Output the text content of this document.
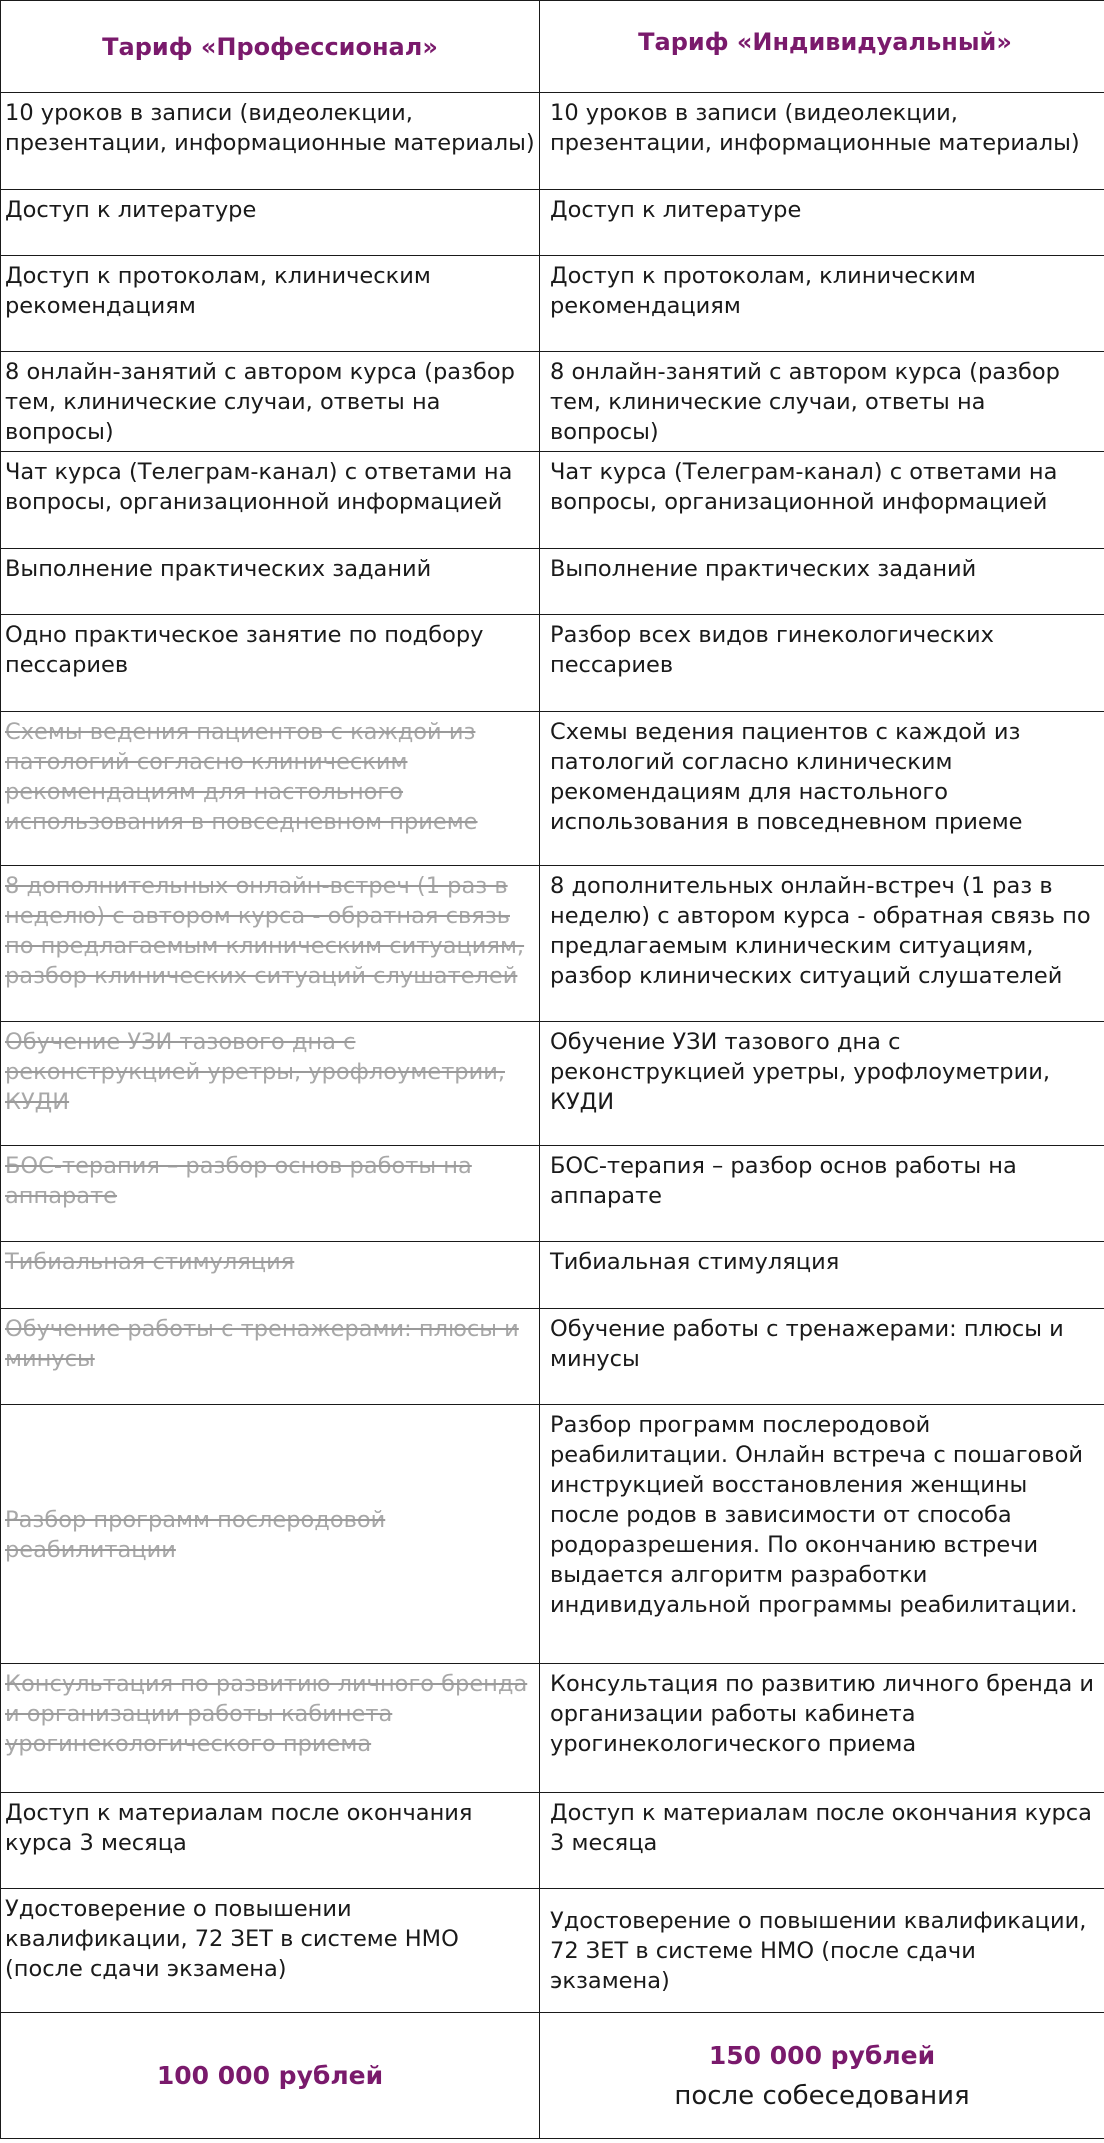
Тариф «Профессионал»	Тариф «Индивидуальный»
10 уроков в записи (видеолекции, презентации, информационные материалы)	10 уроков в записи (видеолекции, презентации, информационные материалы)
Доступ к литературе	Доступ к литературе
Доступ к протоколам, клиническим рекомендациям	Доступ к протоколам, клиническим рекомендациям
8 онлайн-занятий с автором курса (разбор тем, клинические случаи, ответы на вопросы)	8 онлайн-занятий с автором курса (разбор тем, клинические случаи, ответы на вопросы)
Чат курса (Телеграм-канал) с ответами на вопросы, организационной информацией	Чат курса (Телеграм-канал) с ответами на вопросы, организационной информацией
Выполнение практических заданий	Выполнение практических заданий
Одно практическое занятие по подбору пессариев	Разбор всех видов гинекологических пессариев
Схемы ведения пациентов с каждой из патологий согласно клиническим рекомендациям для настольного использования в повседневном приеме	Схемы ведения пациентов с каждой из патологий согласно клиническим рекомендациям для настольного использования в повседневном приеме
8 дополнительных онлайн-встреч (1 раз в неделю) с автором курса - обратная связь по предлагаемым клиническим ситуациям, разбор клинических ситуаций слушателей	8 дополнительных онлайн-встреч (1 раз в неделю) с автором курса - обратная связь по предлагаемым клиническим ситуациям, разбор клинических ситуаций слушателей
Обучение УЗИ тазового дна с реконструкцией уретры, урофлоуметрии, КУДИ	Обучение УЗИ тазового дна с реконструкцией уретры, урофлоуметрии, КУДИ
БОС-терапия – разбор основ работы на аппарате	БОС-терапия – разбор основ работы на аппарате
Тибиальная стимуляция	Тибиальная стимуляция
Обучение работы с тренажерами: плюсы и минусы	Обучение работы с тренажерами: плюсы и минусы
Разбор программ послеродовой реабилитации	Разбор программ послеродовой реабилитации. Онлайн встреча с пошаговой инструкцией восстановления женщины после родов в зависимости от способа родоразрешения. По окончанию встречи выдается алгоритм разработки индивидуальной программы реабилитации.
Консультация по развитию личного бренда и организации работы кабинета урогинекологического приема	Консультация по развитию личного бренда и организации работы кабинета урогинекологического приема
Доступ к материалам после окончания курса 3 месяца	Доступ к материалам после окончания курса 3 месяца
Удостоверение о повышении квалификации, 72 ЗЕТ в системе НМО (после сдачи экзамена)	Удостоверение о повышении квалификации, 72 ЗЕТ в системе НМО (после сдачи экзамена)
100 000 рублей	150 000 рублей
после собеседования
